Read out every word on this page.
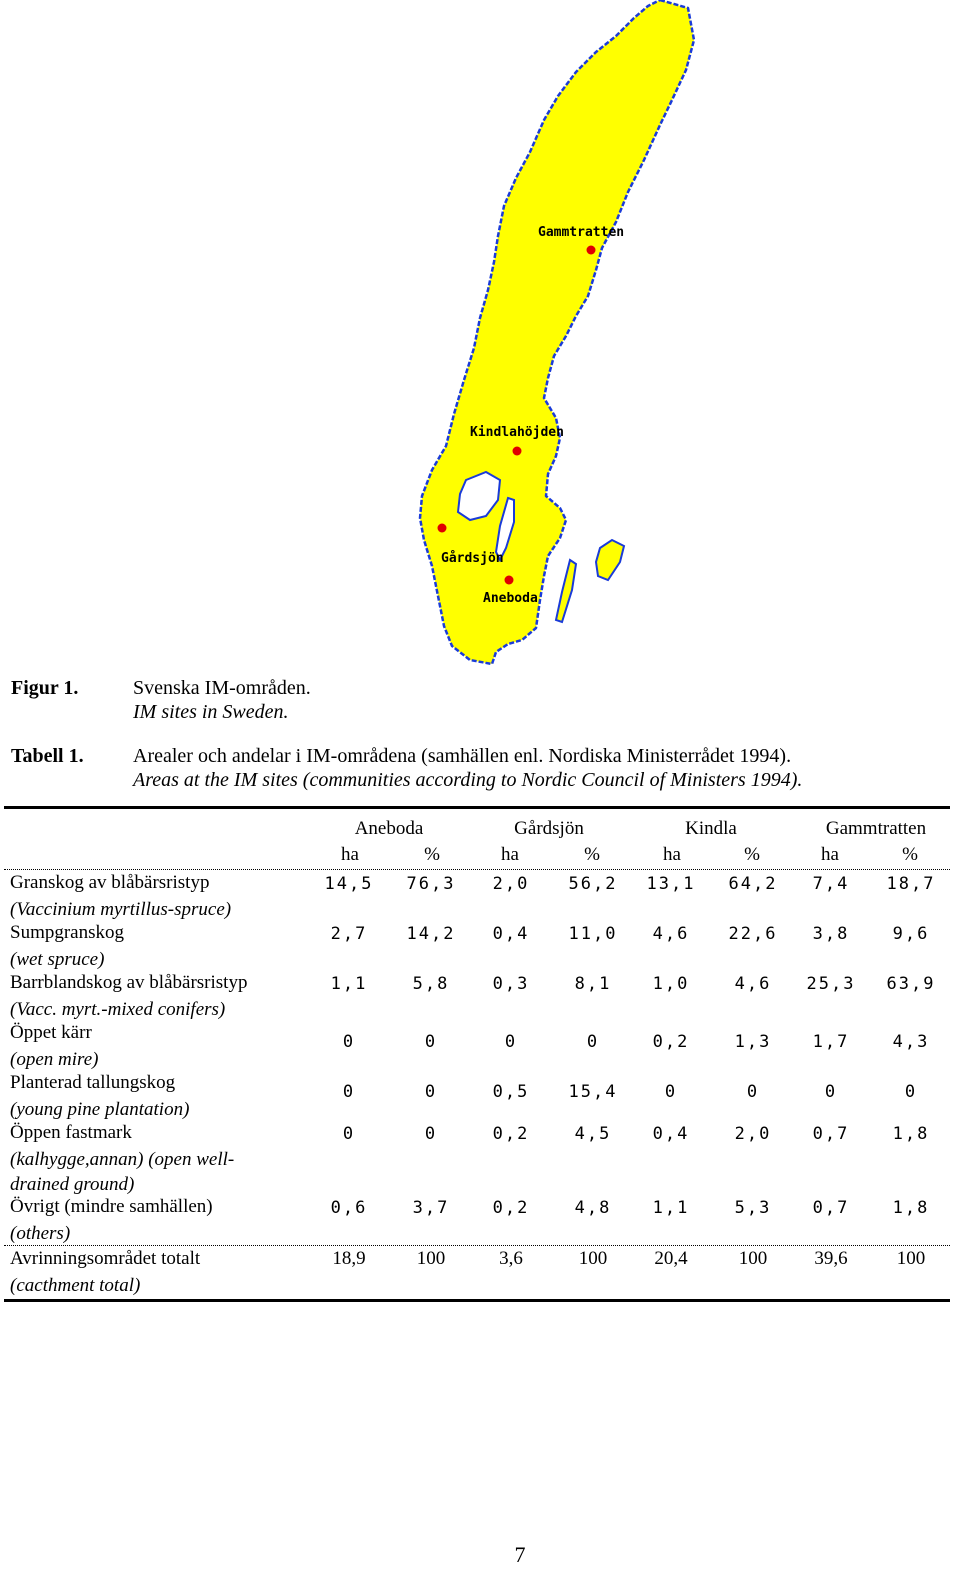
Gammtratten
Kindlahöjden
Gårdsjön
Aneboda
Figur 1.	Svenska IM-områden.
IM sites in Sweden.
Tabell 1.	Arealer och andelar i IM-områdena (samhällen enl. Nordiska Ministerrådet 1994).
Areas at the IM sites (communities according to Nordic Council of Ministers 1994).
Aneboda	Gårdsjön	Kindla	Gammtratten
ha	%	ha	%	ha	%	ha	%
Granskog av blåbärsristyp
(Vaccinium myrtillus-spruce)
14,5	76,3	2,0	56,2	13,1	64,2	7,4	18,7
Sumpgranskog
(wet spruce)
2,7	14,2	0,4	11,0	4,6	22,6	3,8	9,6
Barrblandskog av blåbärsristyp
(Vacc. myrt.-mixed conifers)
1,1	5,8	0,3	8,1	1,0	4,6	25,3	63,9
Öppet kärr
(open mire)
0	0	0	0	0,2	1,3	1,7	4,3
Planterad tallungskog
(young pine plantation)
0	0	0,5	15,4	0	0	0	0
Öppen fastmark
(kalhygge,annan) (open well-
drained ground)
0	0	0,2	4,5	0,4	2,0	0,7	1,8
Övrigt (mindre samhällen)
(others)
0,6	3,7	0,2	4,8	1,1	5,3	0,7	1,8
Avrinningsområdet totalt
(cacthment total)
18,9	100	3,6	100	20,4	100	39,6	100
7
